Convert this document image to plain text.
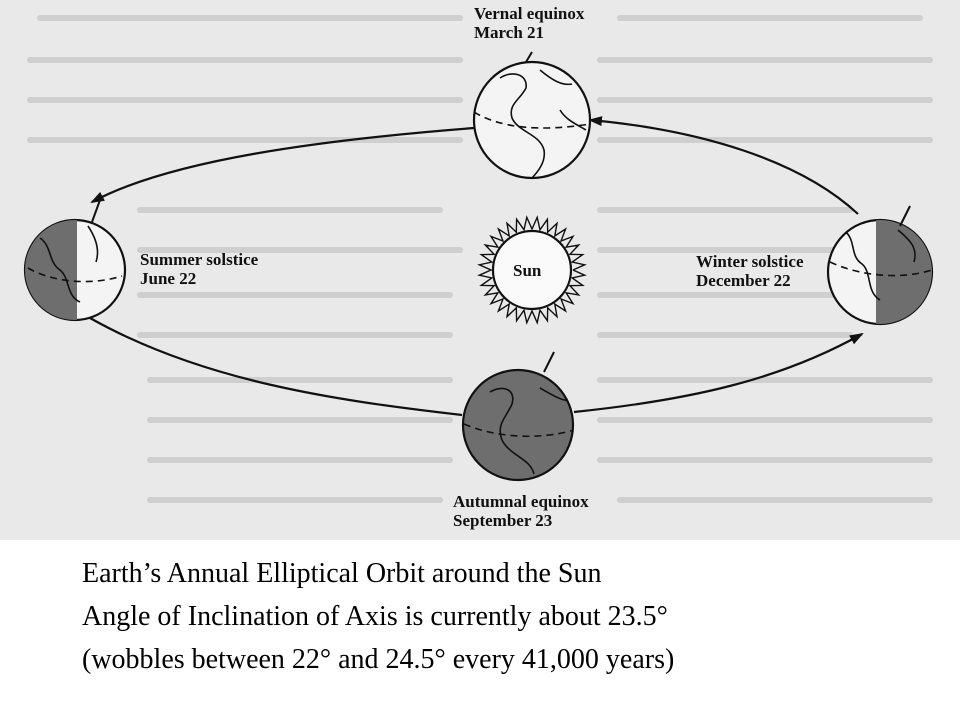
Sun
Vernal equinox
March 21
Summer solstice
June 22
Winter solstice
December 22
Autumnal equinox
September 23
Earth’s Annual Elliptical Orbit around the Sun
Angle of Inclination of Axis is currently about 23.5°
(wobbles between 22° and 24.5° every 41,000 years)
